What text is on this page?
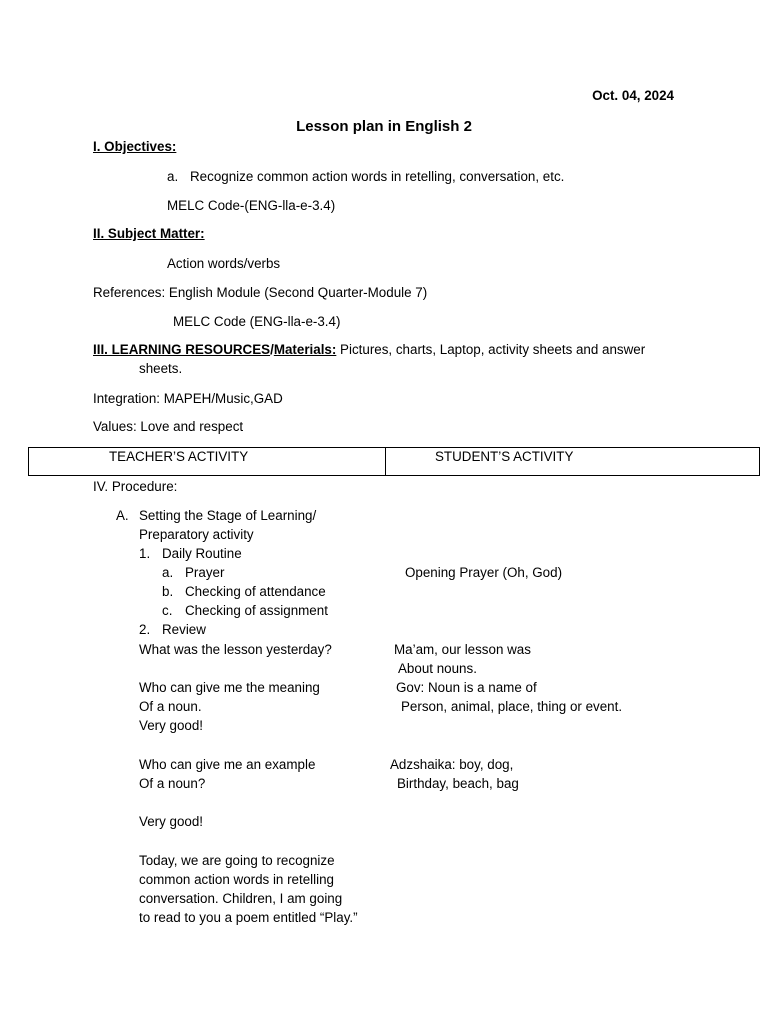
Oct. 04, 2024
Lesson plan in English 2
I. Objectives:
a. Recognize common action words in retelling, conversation, etc.
MELC Code-(ENG-lla-e-3.4)
II. Subject Matter:
Action words/verbs
References: English Module (Second Quarter-Module 7)
MELC Code (ENG-lla-e-3.4)
III. LEARNING RESOURCES/Materials: Pictures, charts, Laptop, activity sheets and answer
sheets.
Integration: MAPEH/Music,GAD
Values: Love and respect
TEACHER’S ACTIVITY	STUDENT’S ACTIVITY
IV. Procedure:
A. Setting the Stage of Learning/
Preparatory activity
1. Daily Routine
a. Prayer
b. Checking of attendance
c. Checking of assignment
2. Review
Opening Prayer (Oh, God)
What was the lesson yesterday?	Ma’am, our lesson was
About nouns.
Who can give me the meaning
Of a noun.
Gov: Noun is a name of
Person, animal, place, thing or event.
Very good!
Who can give me an example
Of a noun?
Adzshaika: boy, dog,
Birthday, beach, bag
Very good!
Today, we are going to recognize
common action words in retelling
conversation. Children, I am going
to read to you a poem entitled “Play.”
